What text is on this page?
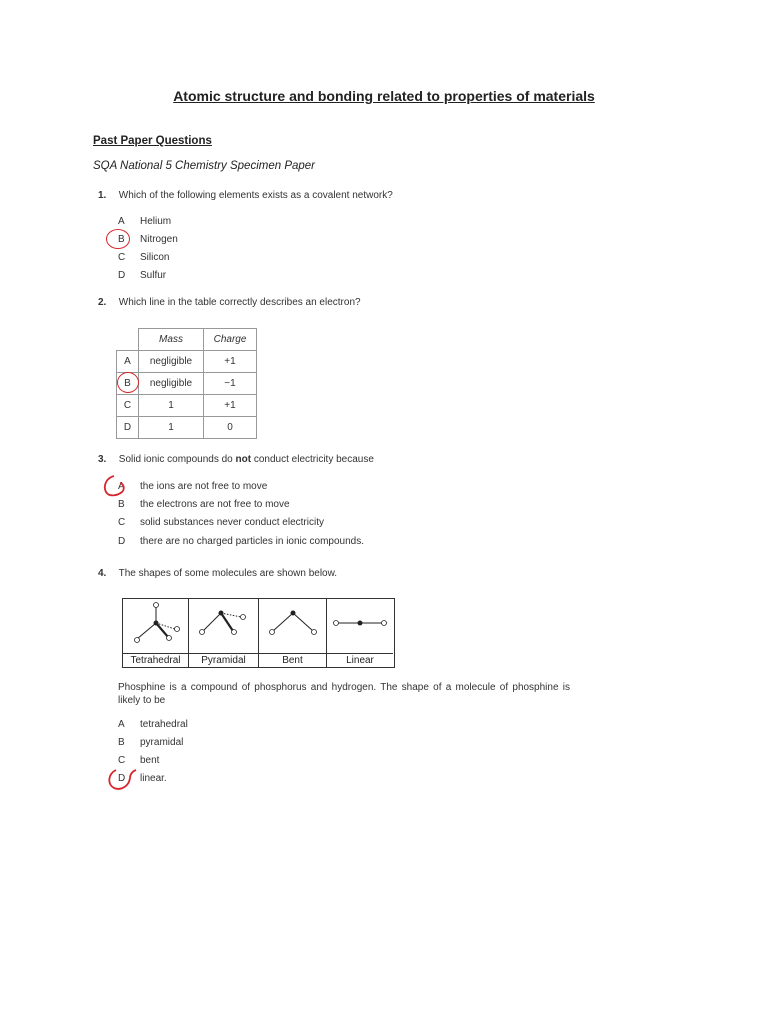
Atomic structure and bonding related to properties of materials
Past Paper Questions
SQA National 5 Chemistry Specimen Paper
1. Which of the following elements exists as a covalent network?
A	Helium
B	Nitrogen
C	Silicon
D	Sulfur
2. Which line in the table correctly describes an electron?
	Mass	Charge
A	negligible	+1
B	negligible	−1
C	1	+1
D	1	0
3. Solid ionic compounds do not conduct electricity because
A	the ions are not free to move
B	the electrons are not free to move
C	solid substances never conduct electricity
D	there are no charged particles in ionic compounds.
4. The shapes of some molecules are shown below.
Tetrahedral	Pyramidal	Bent	Linear
Phosphine is a compound of phosphorus and hydrogen. The shape of a molecule of phosphine is likely to be
A	tetrahedral
B	pyramidal
C	bent
D	linear.
